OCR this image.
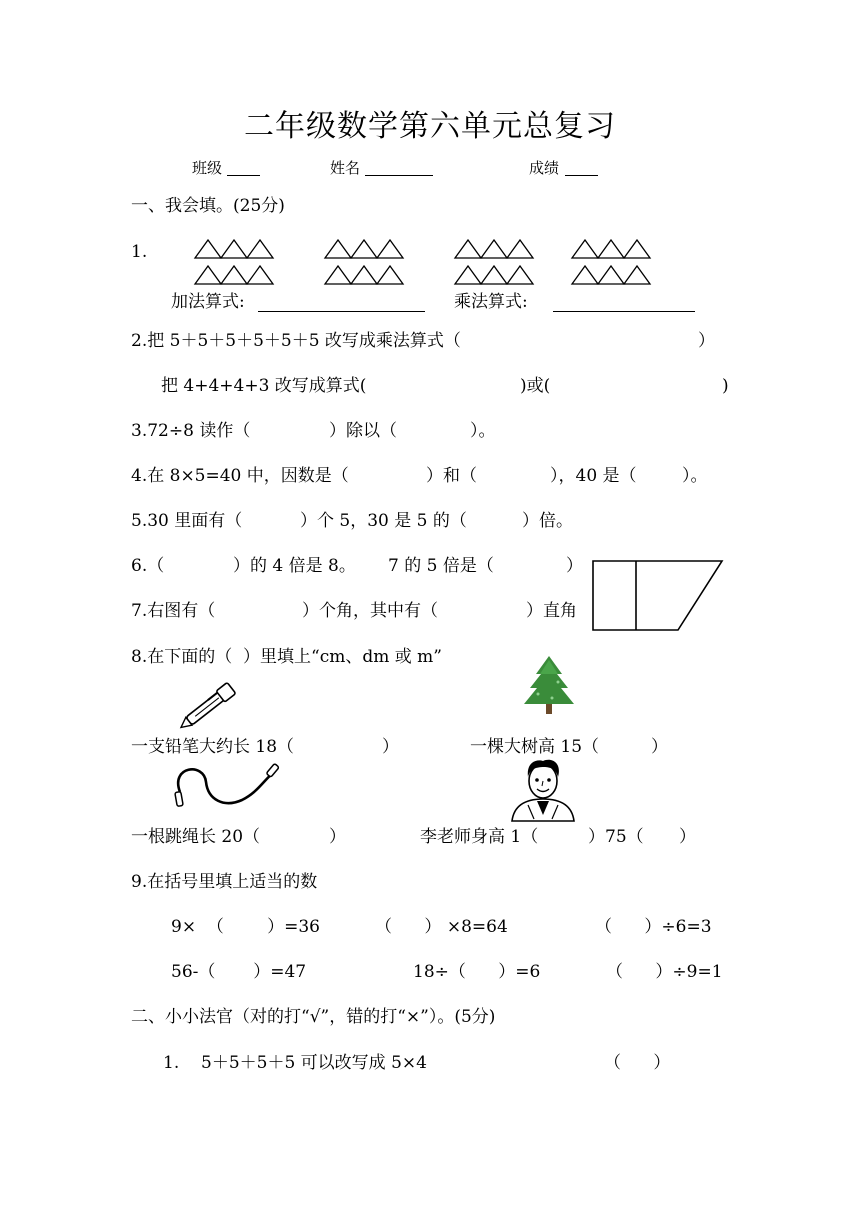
二年级数学第六单元总复习
班级	姓名	成绩
一、我会填。(25分)
1.
加法算式:	乘法算式:
2.把 5＋5＋5＋5＋5＋5 改写成乘法算式（	）
把 4+4+4+3 改写成算式(	)或(	)
3.72÷8 读作（	）除以（	）。
4.在 8×5=40 中，因数是（	）和（	），40 是（	）。
5.30 里面有（	）个 5，30 是 5 的（	）倍。
6.（	）的 4 倍是 8。 7 的 5 倍是（	）
7.右图有（	）个角，其中有（	）直角
8.在下面的（  ）里填上“cm、dm 或 m”
一支铅笔大约长 18（	）	一棵大树高 15（	）
一根跳绳长 20（	）	李老师身高 1（	）75（ ）
9.在括号里填上适当的数
9×  （        ）=36	（      ） ×8=64	（      ）÷6=3
56-（       ）=47	18÷（      ）=6	（      ）÷9=1
二、小小法官（对的打“√”，错的打“×”）。(5分)
1. 5＋5＋5＋5 可以改写成 5×4	（      ）
